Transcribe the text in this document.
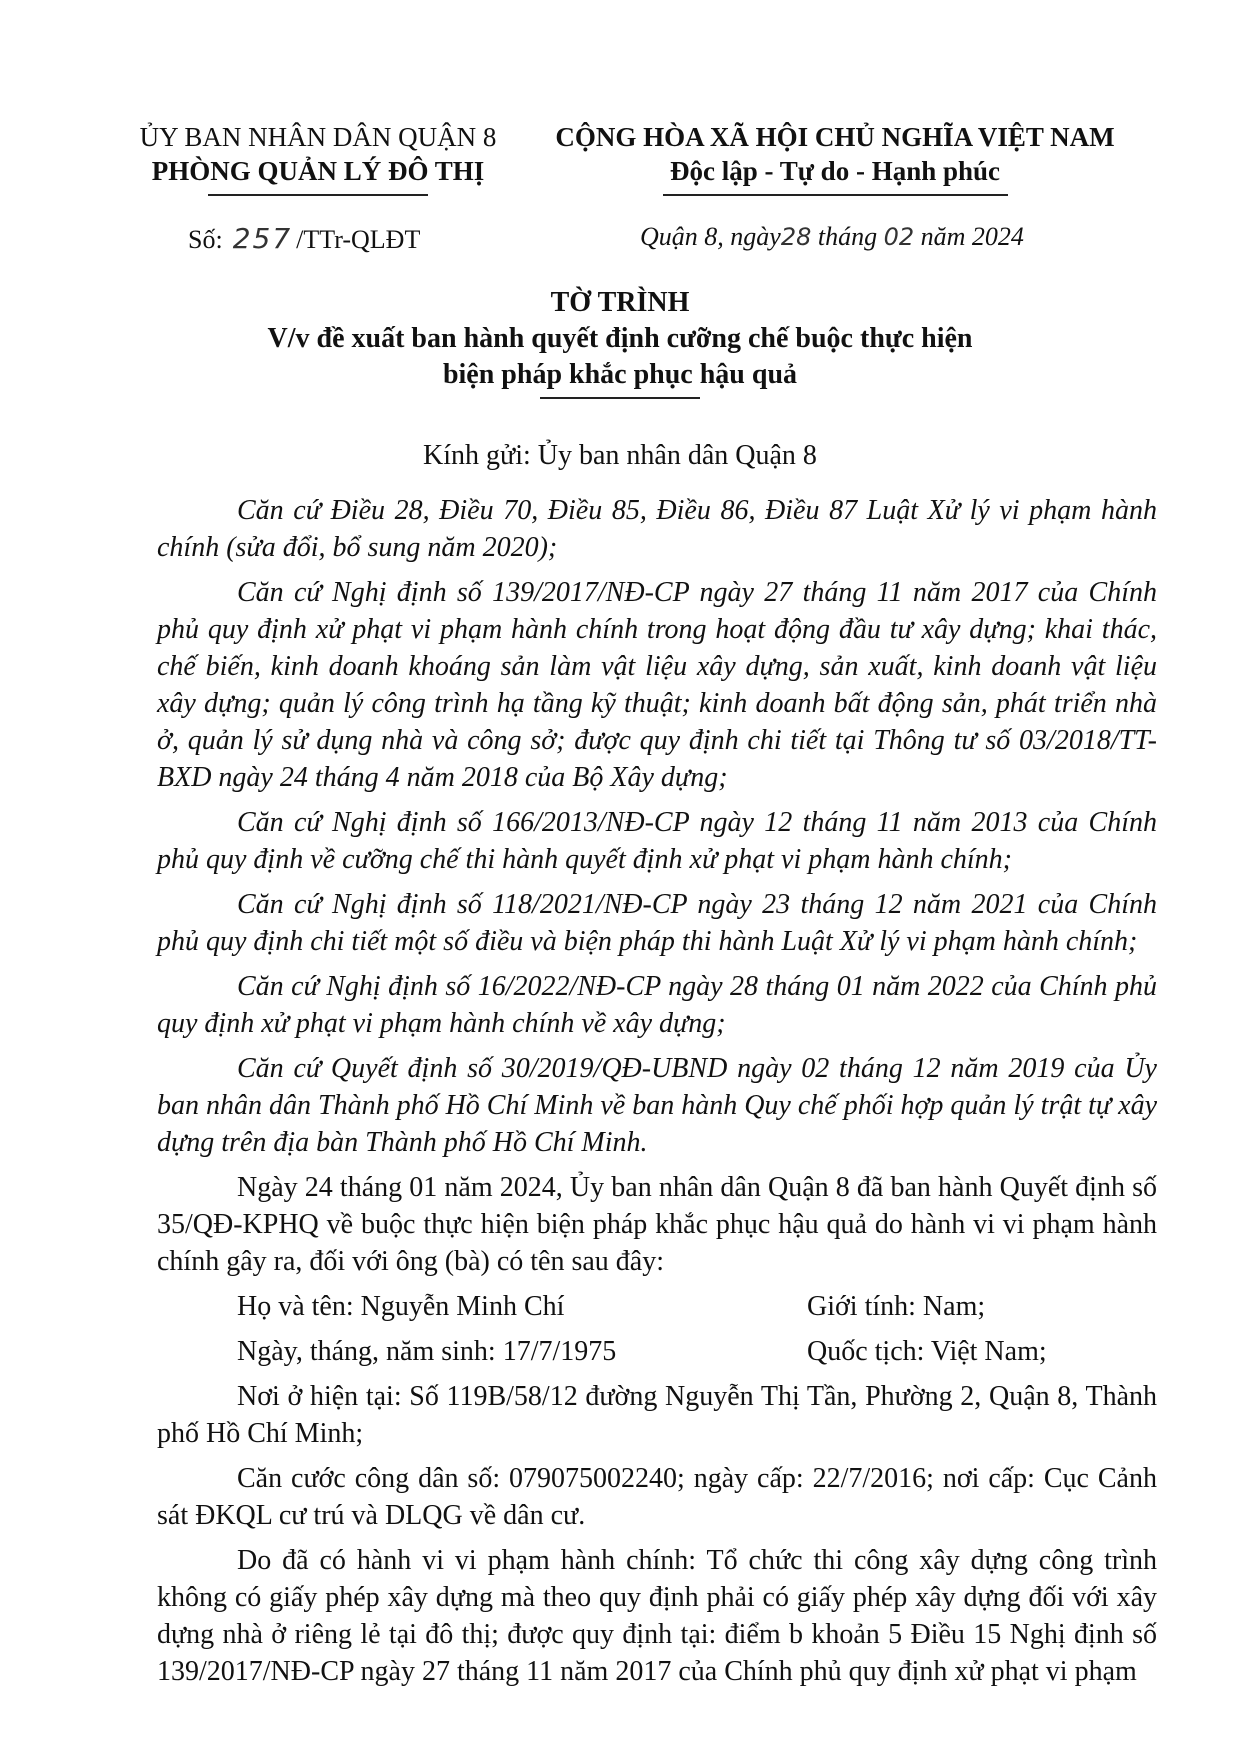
ỦY BAN NHÂN DÂN QUẬN 8
PHÒNG QUẢN LÝ ĐÔ THỊ
CỘNG HÒA XÃ HỘI CHỦ NGHĨA VIỆT NAM
Độc lập - Tự do - Hạnh phúc
Số: 257 /TTr-QLĐT	Quận 8, ngày28 tháng 02 năm 2024
TỜ TRÌNH
V/v đề xuất ban hành quyết định cưỡng chế buộc thực hiện
biện pháp khắc phục hậu quả
Kính gửi: Ủy ban nhân dân Quận 8

Căn cứ Điều 28, Điều 70, Điều 85, Điều 86, Điều 87 Luật Xử lý vi phạm hành chính (sửa đổi, bổ sung năm 2020);

Căn cứ Nghị định số 139/2017/NĐ-CP ngày 27 tháng 11 năm 2017 của Chính phủ quy định xử phạt vi phạm hành chính trong hoạt động đầu tư xây dựng; khai thác, chế biến, kinh doanh khoáng sản làm vật liệu xây dựng, sản xuất, kinh doanh vật liệu xây dựng; quản lý công trình hạ tầng kỹ thuật; kinh doanh bất động sản, phát triển nhà ở, quản lý sử dụng nhà và công sở; được quy định chi tiết tại Thông tư số 03/2018/TT-BXD ngày 24 tháng 4 năm 2018 của Bộ Xây dựng;

Căn cứ Nghị định số 166/2013/NĐ-CP ngày 12 tháng 11 năm 2013 của Chính phủ quy định về cưỡng chế thi hành quyết định xử phạt vi phạm hành chính;

Căn cứ Nghị định số 118/2021/NĐ-CP ngày 23 tháng 12 năm 2021 của Chính phủ quy định chi tiết một số điều và biện pháp thi hành Luật Xử lý vi phạm hành chính;

Căn cứ Nghị định số 16/2022/NĐ-CP ngày 28 tháng 01 năm 2022 của Chính phủ quy định xử phạt vi phạm hành chính về xây dựng;

Căn cứ Quyết định số 30/2019/QĐ-UBND ngày 02 tháng 12 năm 2019 của Ủy ban nhân dân Thành phố Hồ Chí Minh về ban hành Quy chế phối hợp quản lý trật tự xây dựng trên địa bàn Thành phố Hồ Chí Minh.

Ngày 24 tháng 01 năm 2024, Ủy ban nhân dân Quận 8 đã ban hành Quyết định số 35/QĐ-KPHQ về buộc thực hiện biện pháp khắc phục hậu quả do hành vi vi phạm hành chính gây ra, đối với ông (bà) có tên sau đây:

Họ và tên: Nguyễn Minh Chí	Giới tính: Nam;
Ngày, tháng, năm sinh: 17/7/1975	Quốc tịch: Việt Nam;

Nơi ở hiện tại: Số 119B/58/12 đường Nguyễn Thị Tần, Phường 2, Quận 8, Thành phố Hồ Chí Minh;

Căn cước công dân số: 079075002240; ngày cấp: 22/7/2016; nơi cấp: Cục Cảnh sát ĐKQL cư trú và DLQG về dân cư.

Do đã có hành vi vi phạm hành chính: Tổ chức thi công xây dựng công trình không có giấy phép xây dựng mà theo quy định phải có giấy phép xây dựng đối với xây dựng nhà ở riêng lẻ tại đô thị; được quy định tại: điểm b khoản 5 Điều 15 Nghị định số 139/2017/NĐ-CP ngày 27 tháng 11 năm 2017 của Chính phủ quy định xử phạt vi phạm
